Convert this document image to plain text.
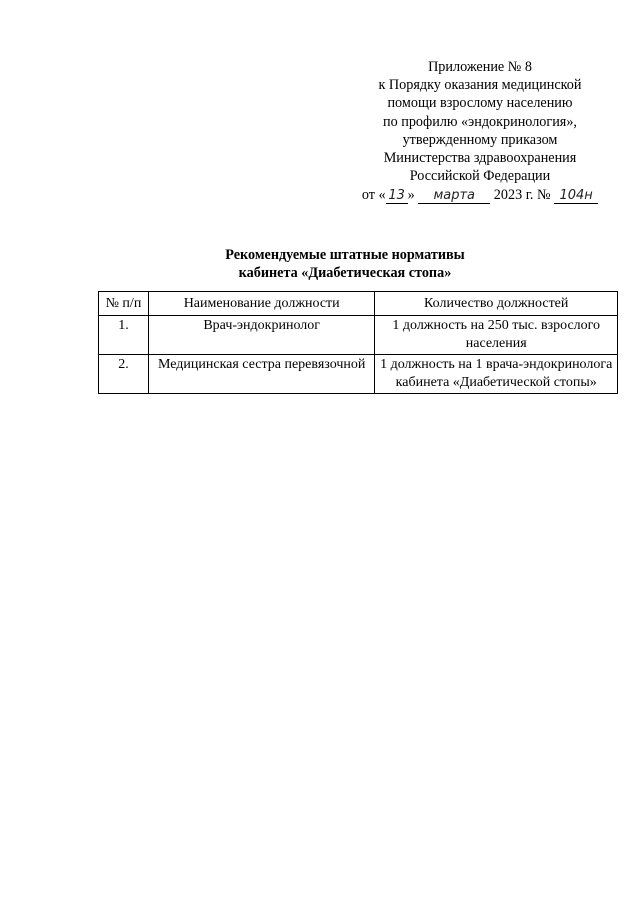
Приложение № 8
к Порядку оказания медицинской
помощи взрослому населению
по профилю «эндокринология»,
утвержденному приказом
Министерства здравоохранения
Российской Федерации
от « 13 » марта 2023 г. № 104н
Рекомендуемые штатные нормативы
кабинета «Диабетическая стопа»
№ п/п	Наименование должности	Количество должностей
1.	Врач-эндокринолог	1 должность на 250 тыс. взрослого населения
2.	Медицинская сестра перевязочной	1 должность на 1 врача-эндокринолога кабинета «Диабетической стопы»
